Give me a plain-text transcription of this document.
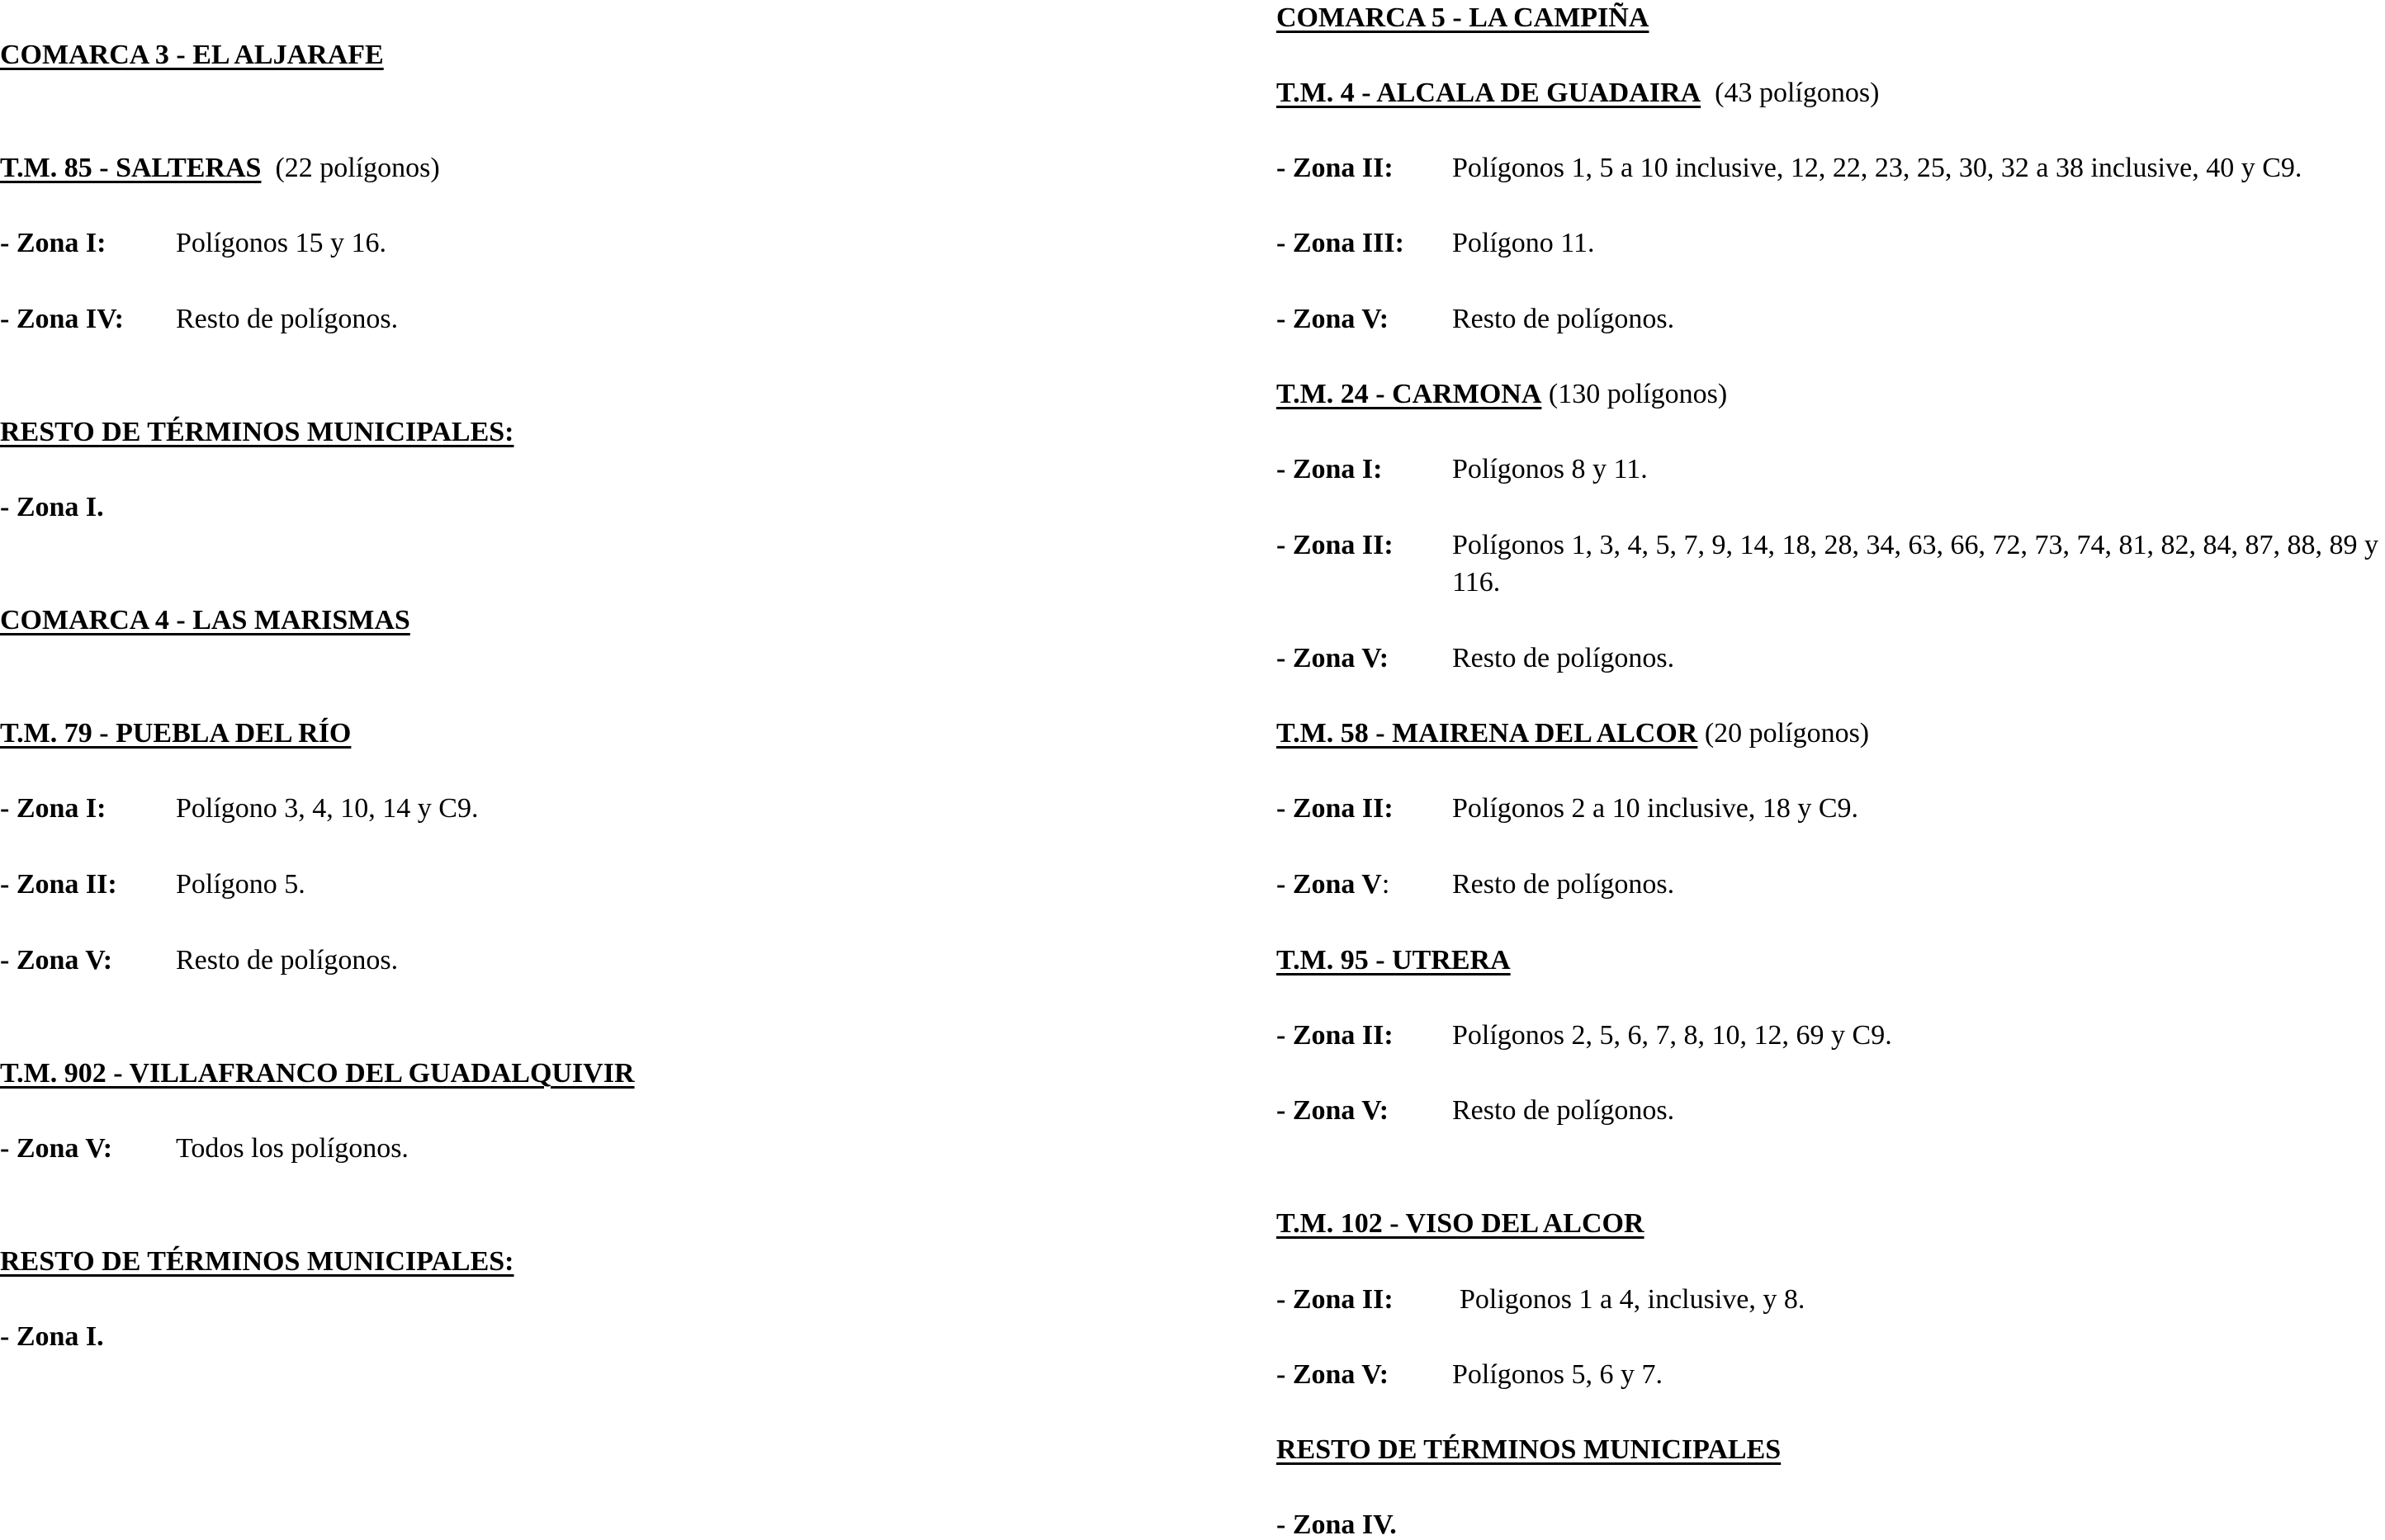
COMARCA 3 - EL ALJARAFE
T.M. 85 - SALTERAS (22 polígonos)
- Zona I: Polígonos 15 y 16.
- Zona IV: Resto de polígonos.
RESTO DE TÉRMINOS MUNICIPALES:
- Zona I.
COMARCA 4 - LAS MARISMAS
T.M. 79 - PUEBLA DEL RÍO
- Zona I: Polígono 3, 4, 10, 14 y C9.
- Zona II: Polígono 5.
- Zona V: Resto de polígonos.
T.M. 902 - VILLAFRANCO DEL GUADALQUIVIR
- Zona V: Todos los polígonos.
RESTO DE TÉRMINOS MUNICIPALES:
- Zona I.
COMARCA 5 - LA CAMPIÑA
T.M. 4 - ALCALA DE GUADAIRA (43 polígonos)
- Zona II: Polígonos 1, 5 a 10 inclusive, 12, 22, 23, 25, 30, 32 a 38 inclusive, 40 y C9.
- Zona III: Polígono 11.
- Zona V: Resto de polígonos.
T.M. 24 - CARMONA (130 polígonos)
- Zona I: Polígonos 8 y 11.
- Zona II: Polígonos 1, 3, 4, 5, 7, 9, 14, 18, 28, 34, 63, 66, 72, 73, 74, 81, 82, 84, 87, 88, 89 y 116.
- Zona V: Resto de polígonos.
T.M. 58 - MAIRENA DEL ALCOR (20 polígonos)
- Zona II: Polígonos 2 a 10 inclusive, 18 y C9.
- Zona V: Resto de polígonos.
T.M. 95 - UTRERA
- Zona II: Polígonos 2, 5, 6, 7, 8, 10, 12, 69 y C9.
- Zona V: Resto de polígonos.
T.M. 102 - VISO DEL ALCOR
- Zona II: Poligonos 1 a 4, inclusive, y 8.
- Zona V: Polígonos 5, 6 y 7.
RESTO DE TÉRMINOS MUNICIPALES
- Zona IV.
